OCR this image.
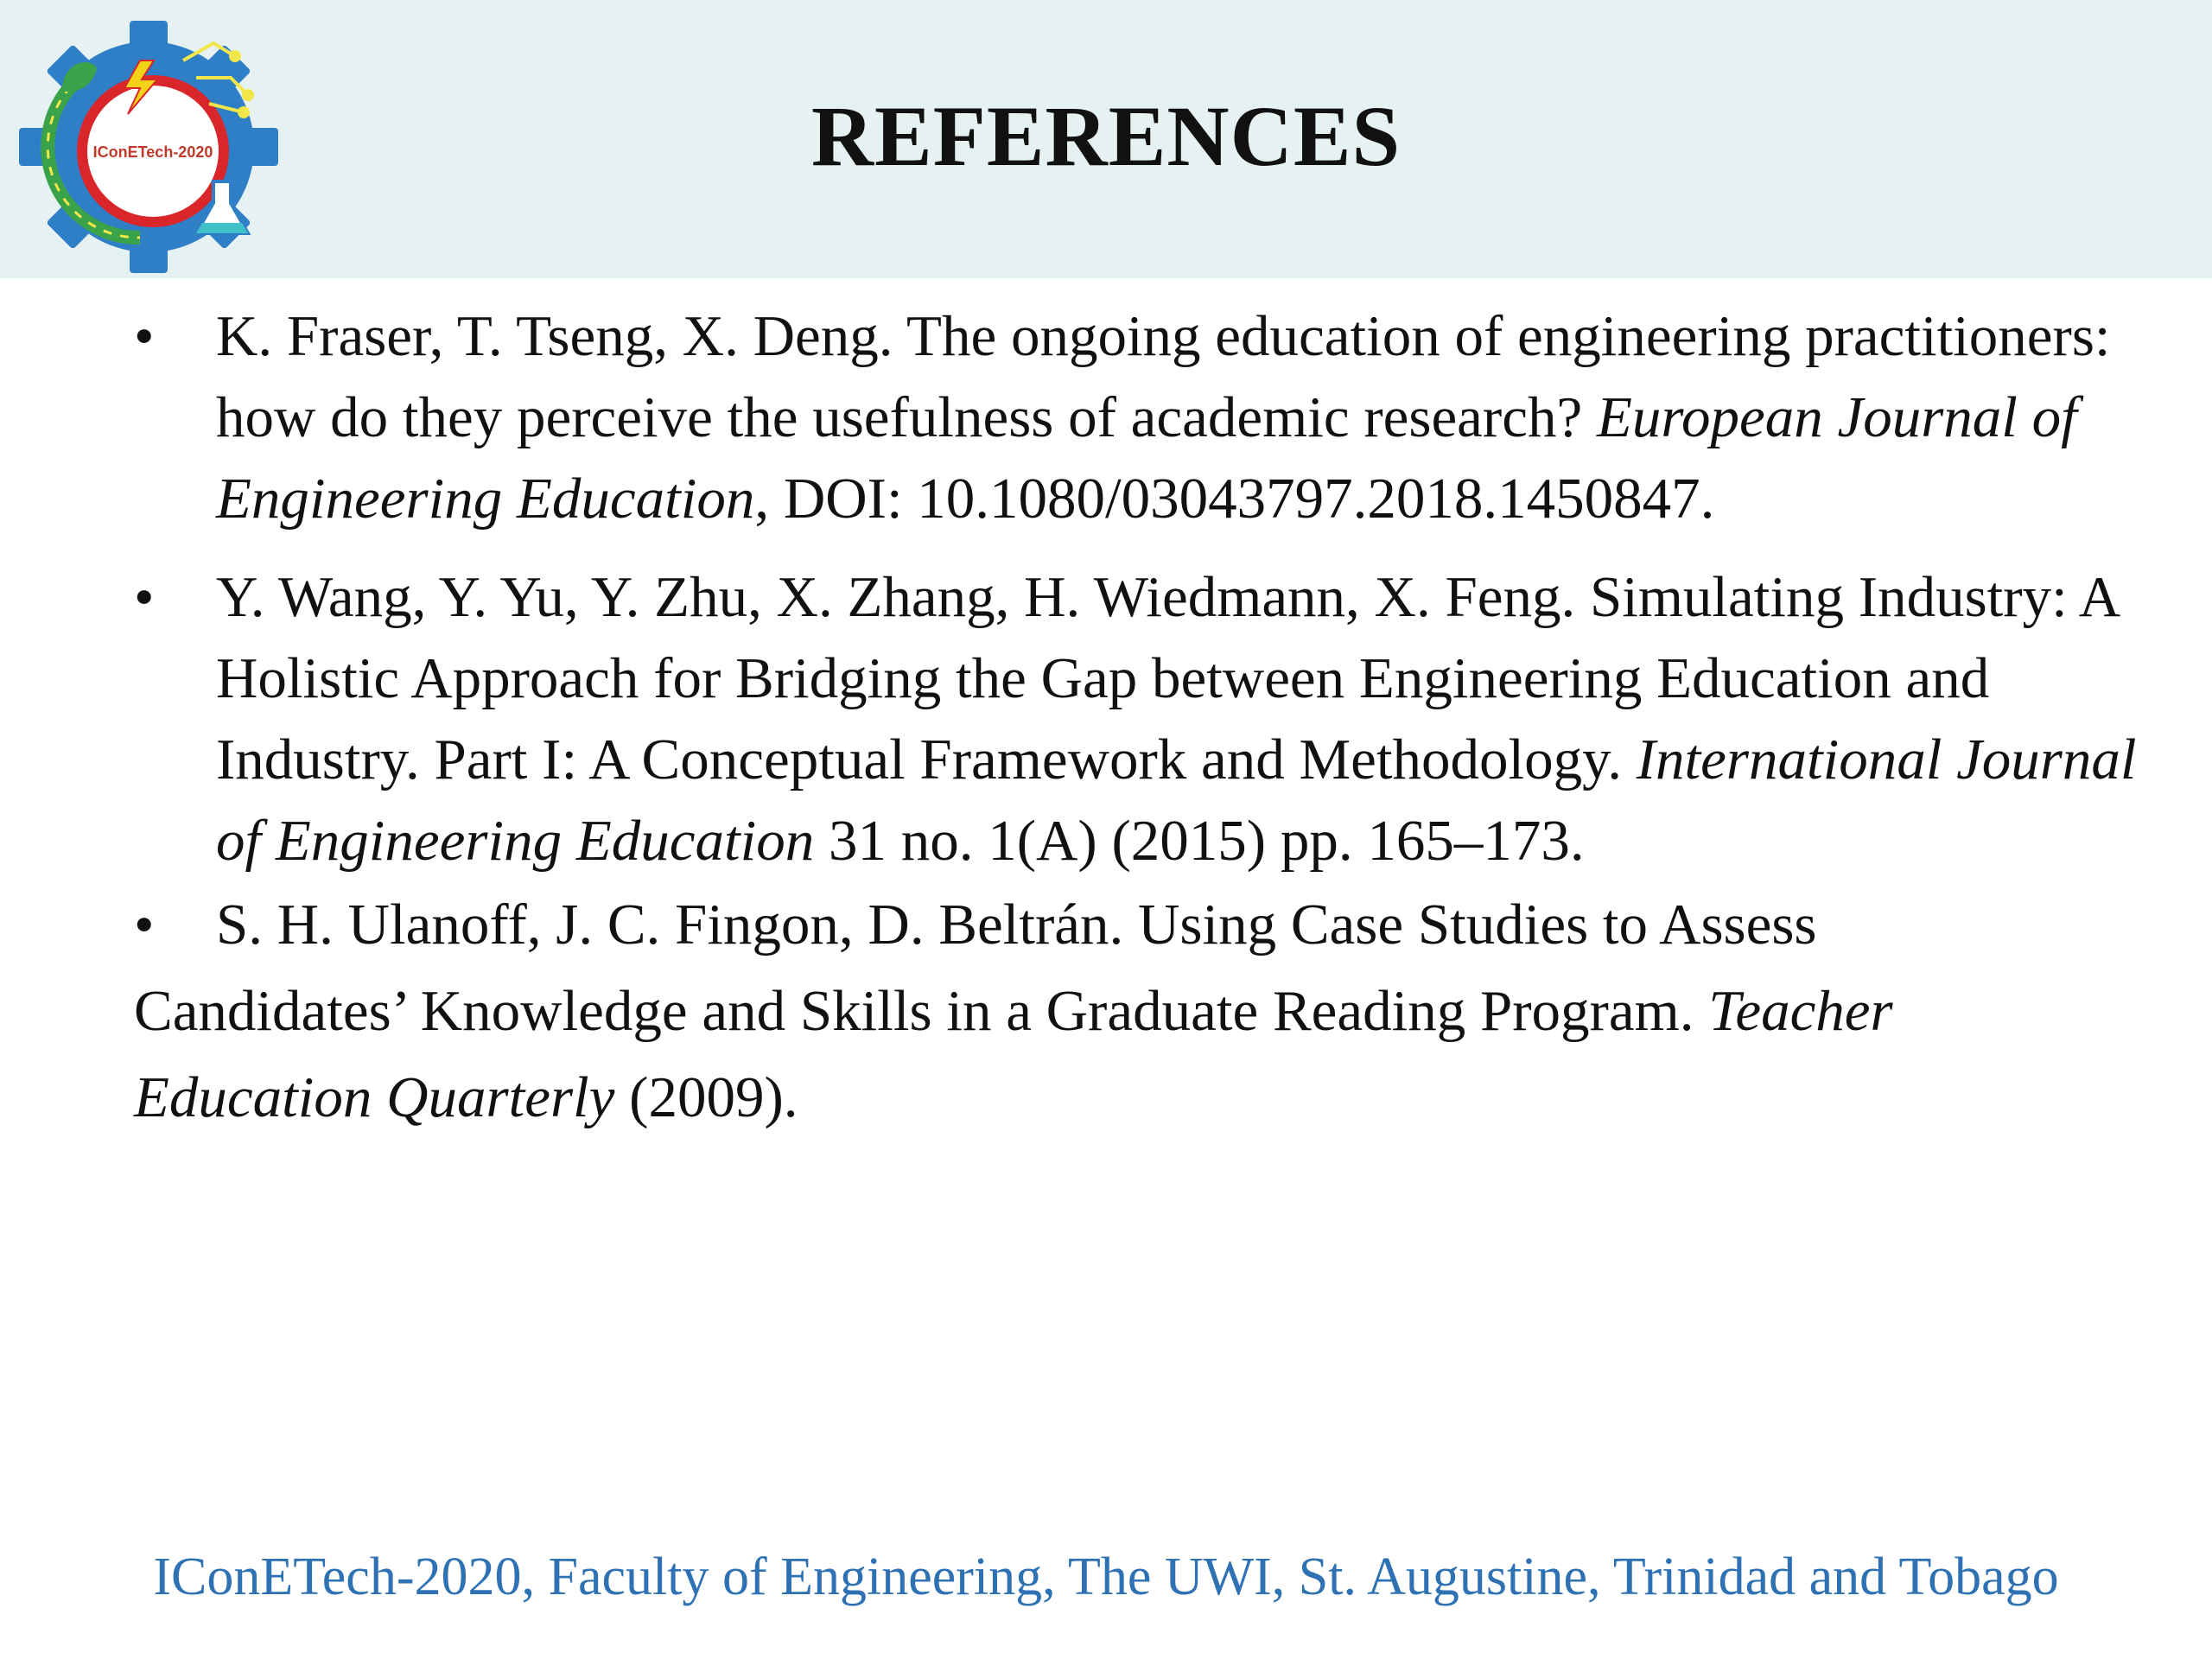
IConETech-2020	REFERENCES
• K. Fraser, T. Tseng, X. Deng. The ongoing education of engineering practitioners: how do they perceive the usefulness of academic research? European Journal of Engineering Education, DOI: 10.1080/03043797.2018.1450847.
• Y. Wang, Y. Yu, Y. Zhu, X. Zhang, H. Wiedmann, X. Feng. Simulating Industry: A Holistic Approach for Bridging the Gap between Engineering Education and Industry. Part I: A Conceptual Framework and Methodology. International Journal of Engineering Education 31 no. 1(A) (2015) pp. 165–173.
• S. H. Ulanoff, J. C. Fingon, D. Beltrán. Using Case Studies to Assess Candidates’ Knowledge and Skills in a Graduate Reading Program. Teacher Education Quarterly (2009).
IConETech-2020, Faculty of Engineering, The UWI, St. Augustine, Trinidad and Tobago
